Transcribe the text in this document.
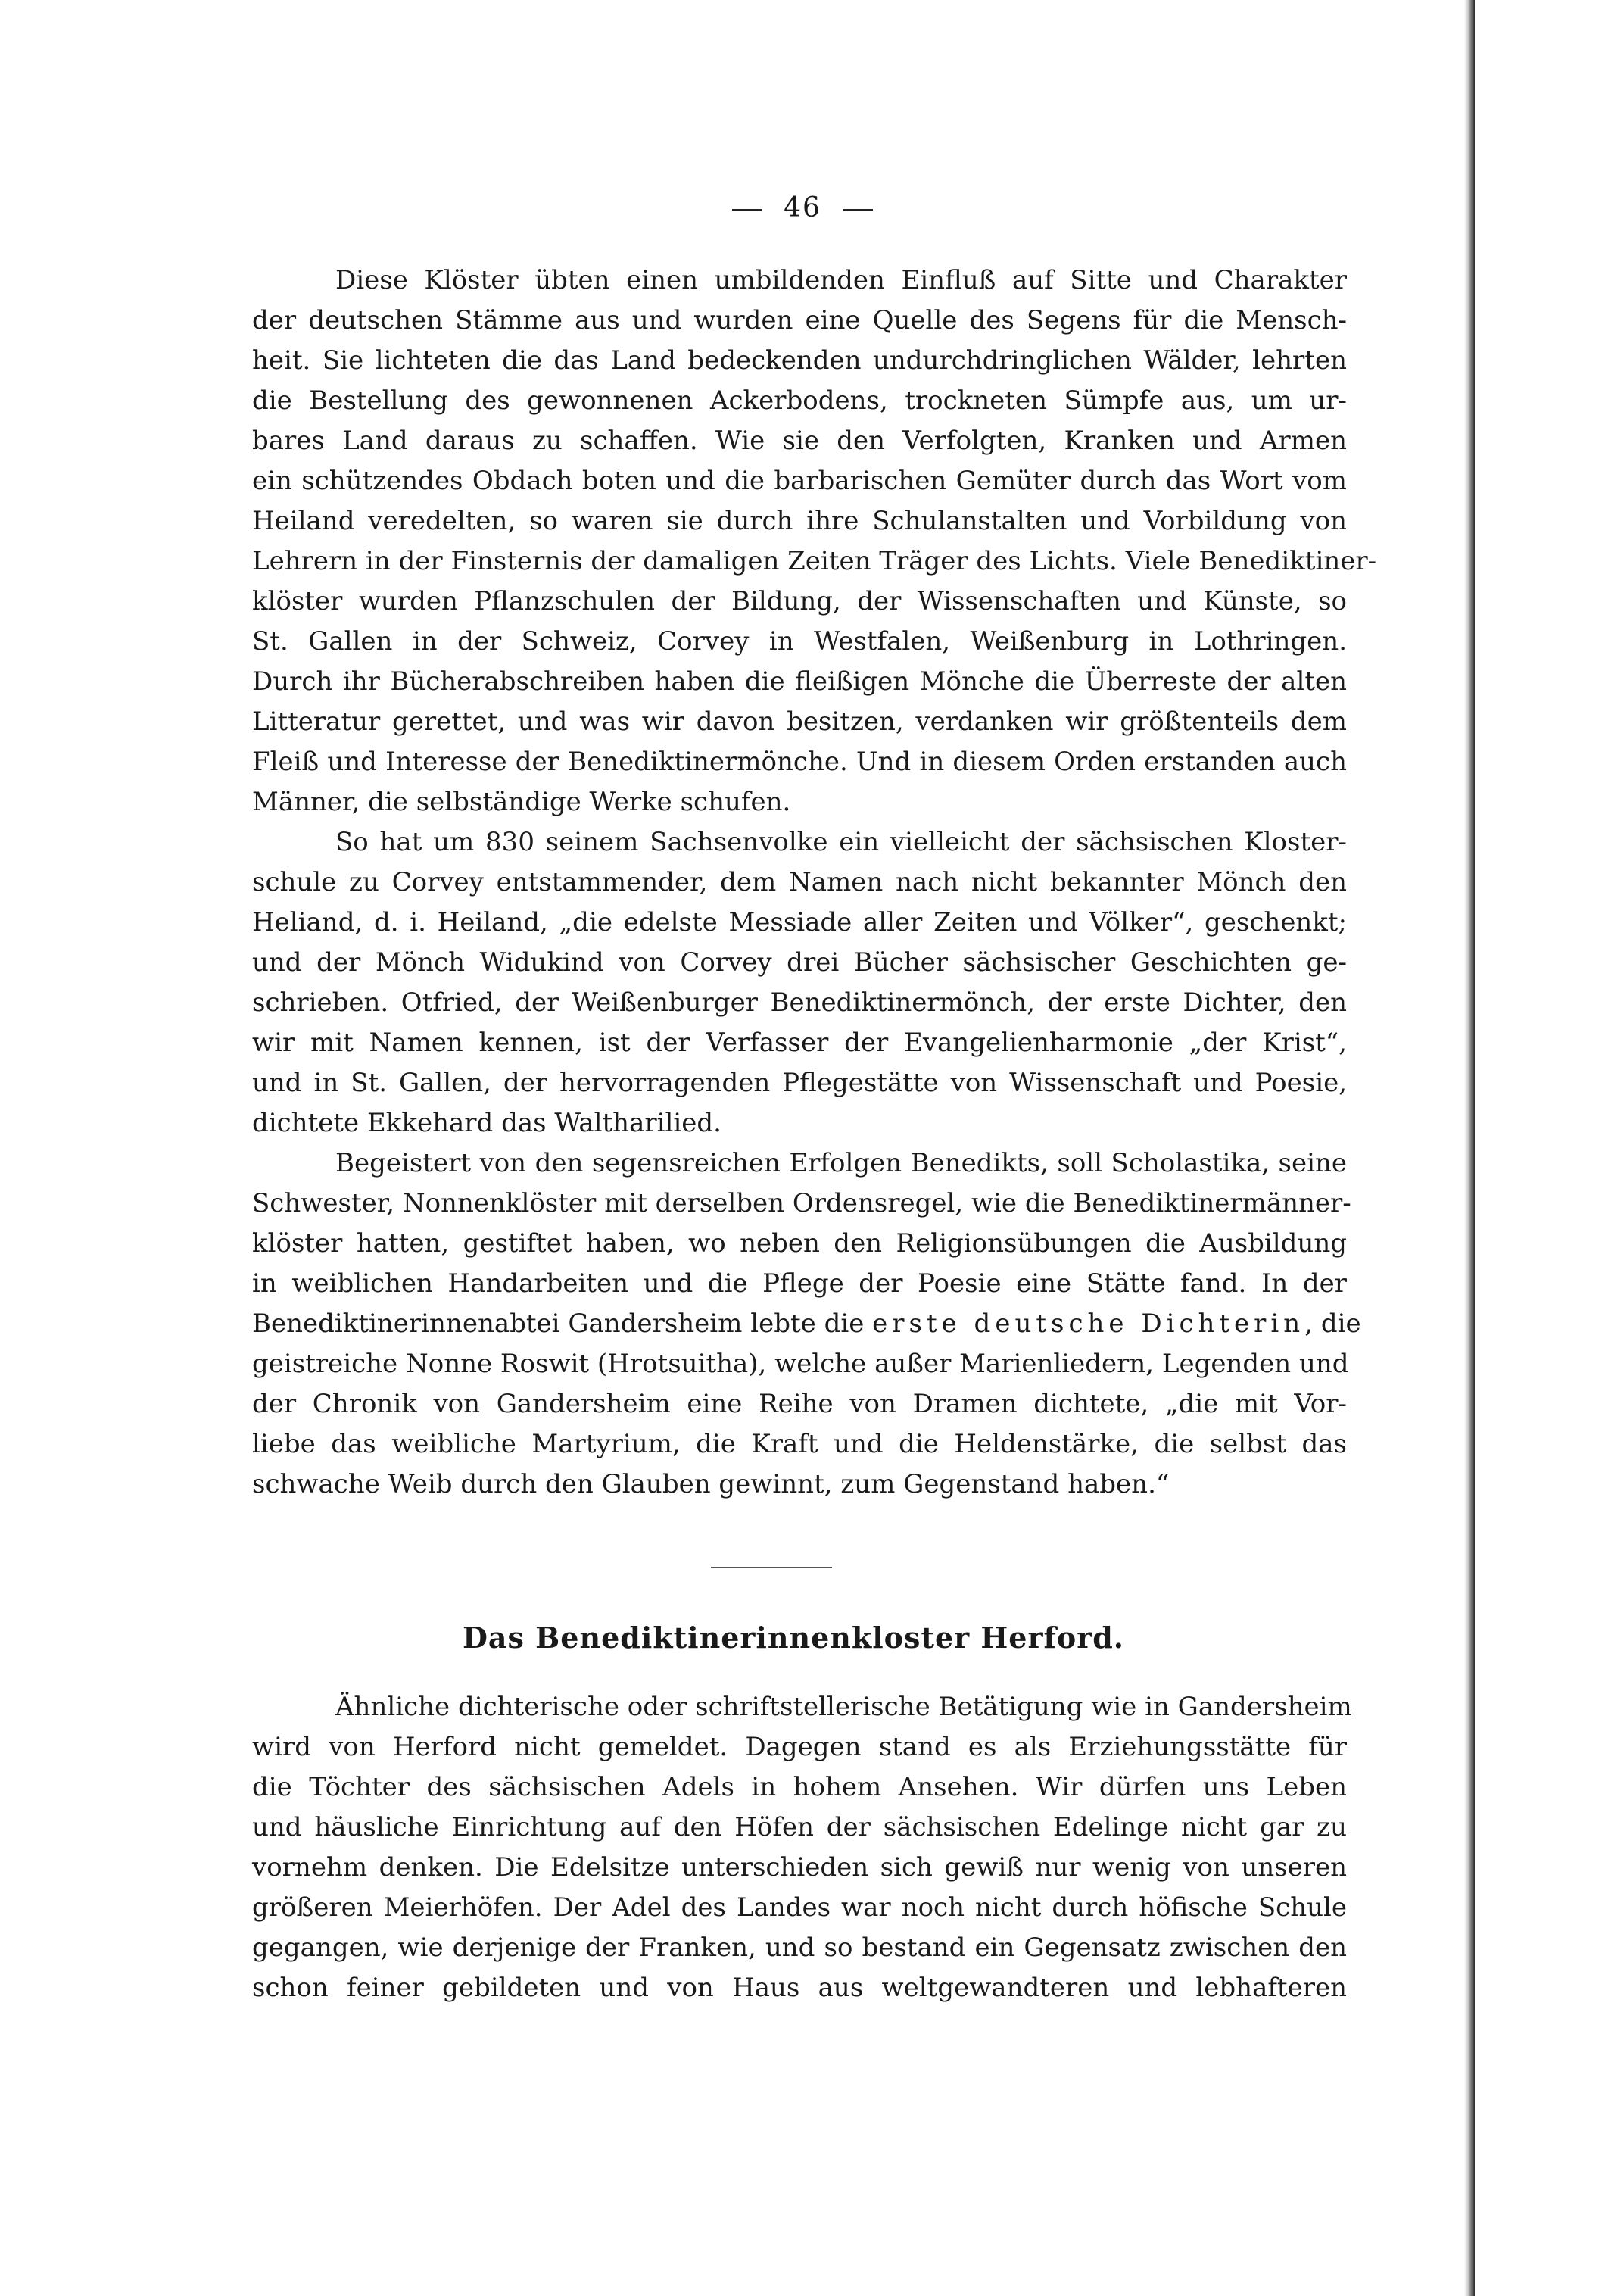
46
Diese Klöster übten einen umbildenden Einfluß auf Sitte und Charakter
der deutschen Stämme aus und wurden eine Quelle des Segens für die Mensch-
heit. Sie lichteten die das Land bedeckenden undurchdringlichen Wälder, lehrten
die Bestellung des gewonnenen Ackerbodens, trockneten Sümpfe aus, um ur-
bares Land daraus zu schaffen. Wie sie den Verfolgten, Kranken und Armen
ein schützendes Obdach boten und die barbarischen Gemüter durch das Wort vom
Heiland veredelten, so waren sie durch ihre Schulanstalten und Vorbildung von
Lehrern in der Finsternis der damaligen Zeiten Träger des Lichts. Viele Benediktiner-
klöster wurden Pflanzschulen der Bildung, der Wissenschaften und Künste, so
St. Gallen in der Schweiz, Corvey in Westfalen, Weißenburg in Lothringen.
Durch ihr Bücherabschreiben haben die fleißigen Mönche die Überreste der alten
Litteratur gerettet, und was wir davon besitzen, verdanken wir größtenteils dem
Fleiß und Interesse der Benediktinermönche. Und in diesem Orden erstanden auch
Männer, die selbständige Werke schufen.
So hat um 830 seinem Sachsenvolke ein vielleicht der sächsischen Kloster-
schule zu Corvey entstammender, dem Namen nach nicht bekannter Mönch den
Heliand, d. i. Heiland, „die edelste Messiade aller Zeiten und Völker“, geschenkt;
und der Mönch Widukind von Corvey drei Bücher sächsischer Geschichten ge-
schrieben. Otfried, der Weißenburger Benediktinermönch, der erste Dichter, den
wir mit Namen kennen, ist der Verfasser der Evangelienharmonie „der Krist“,
und in St. Gallen, der hervorragenden Pflegestätte von Wissenschaft und Poesie,
dichtete Ekkehard das Waltharilied.
Begeistert von den segensreichen Erfolgen Benedikts, soll Scholastika, seine
Schwester, Nonnenklöster mit derselben Ordensregel, wie die Benediktinermänner-
klöster hatten, gestiftet haben, wo neben den Religionsübungen die Ausbildung
in weiblichen Handarbeiten und die Pflege der Poesie eine Stätte fand. In der
Benediktinerinnenabtei Gandersheim lebte die erste deutsche Dichterin, die
geistreiche Nonne Roswit (Hrotsuitha), welche außer Marienliedern, Legenden und
der Chronik von Gandersheim eine Reihe von Dramen dichtete, „die mit Vor-
liebe das weibliche Martyrium, die Kraft und die Heldenstärke, die selbst das
schwache Weib durch den Glauben gewinnt, zum Gegenstand haben.“
Das Benediktinerinnenkloster Herford.
Ähnliche dichterische oder schriftstellerische Betätigung wie in Gandersheim
wird von Herford nicht gemeldet. Dagegen stand es als Erziehungsstätte für
die Töchter des sächsischen Adels in hohem Ansehen. Wir dürfen uns Leben
und häusliche Einrichtung auf den Höfen der sächsischen Edelinge nicht gar zu
vornehm denken. Die Edelsitze unterschieden sich gewiß nur wenig von unseren
größeren Meierhöfen. Der Adel des Landes war noch nicht durch höfische Schule
gegangen, wie derjenige der Franken, und so bestand ein Gegensatz zwischen den
schon feiner gebildeten und von Haus aus weltgewandteren und lebhafteren
